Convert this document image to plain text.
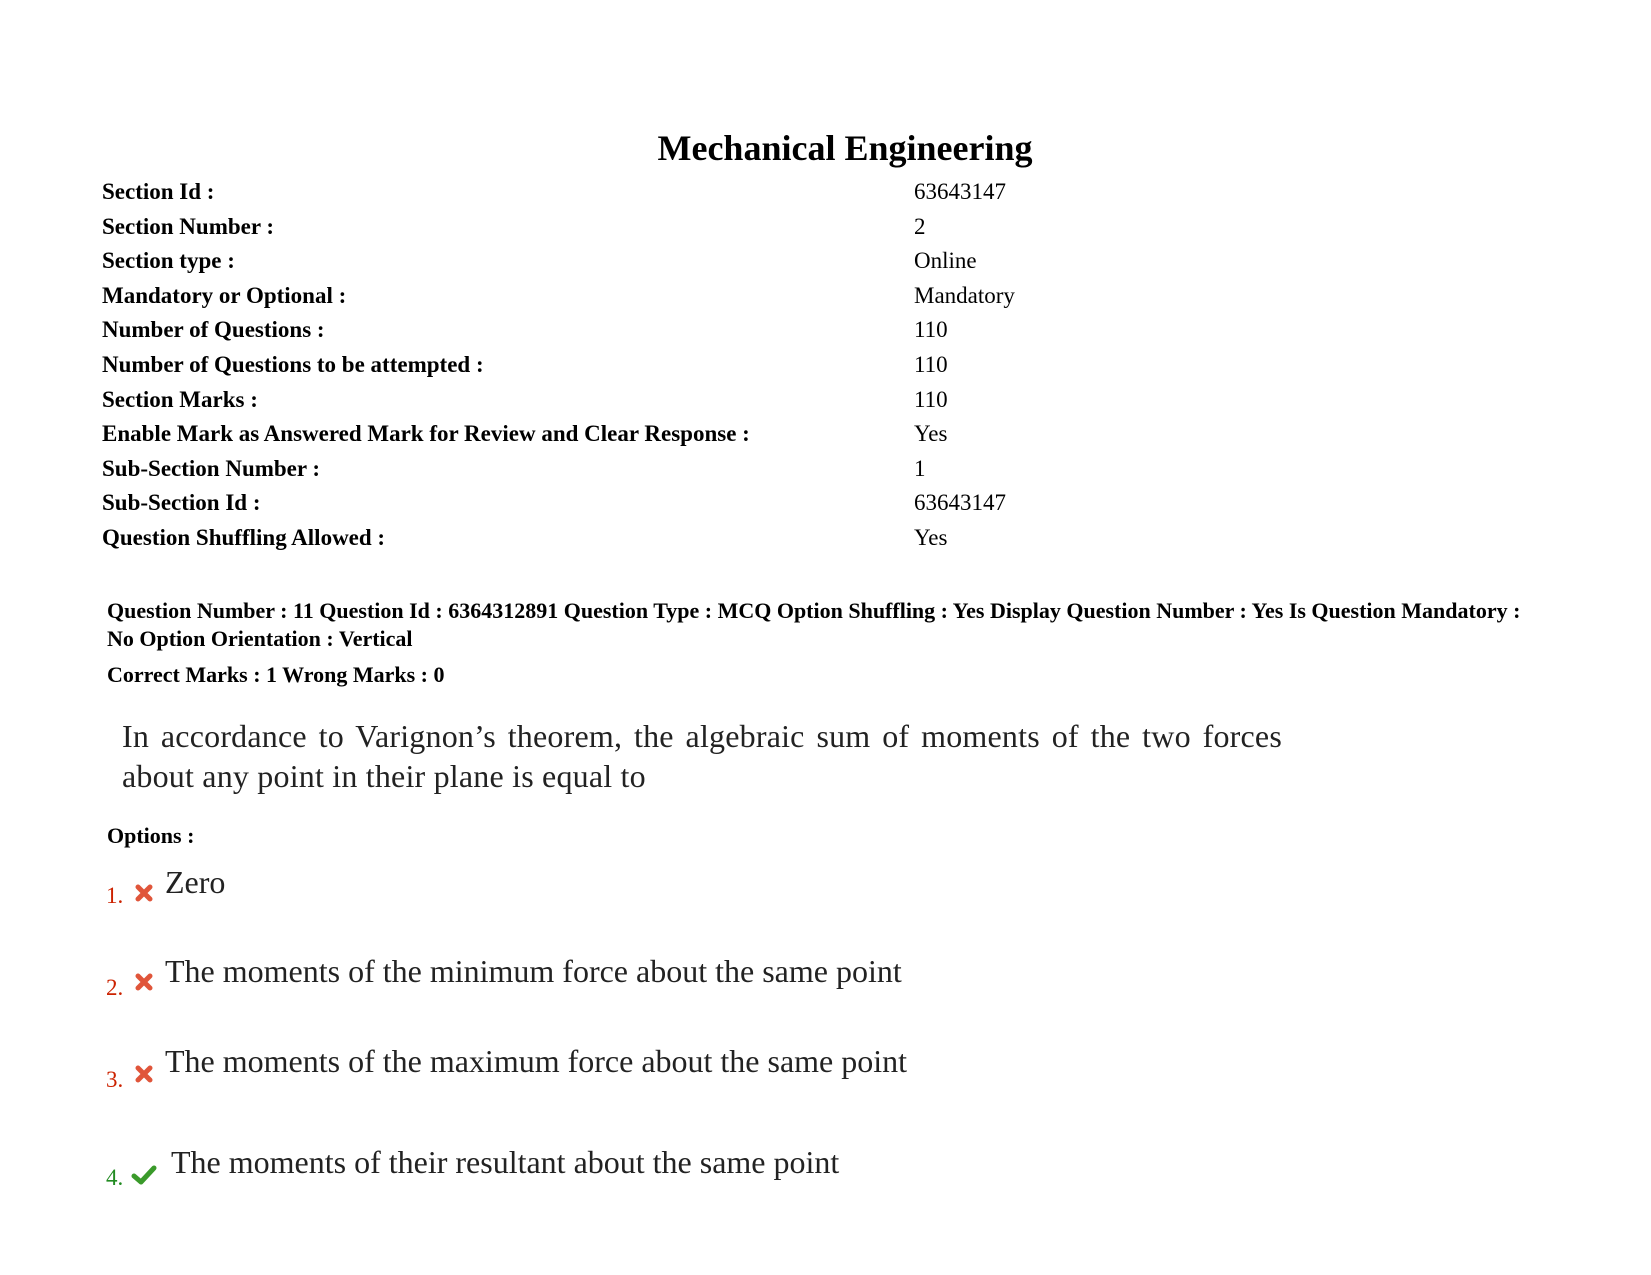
Mechanical Engineering
Section Id :	63643147
Section Number :	2
Section type :	Online
Mandatory or Optional :	Mandatory
Number of Questions :	110
Number of Questions to be attempted :	110
Section Marks :	110
Enable Mark as Answered Mark for Review and Clear Response :	Yes
Sub-Section Number :	1
Sub-Section Id :	63643147
Question Shuffling Allowed :	Yes
Question Number : 11 Question Id : 6364312891 Question Type : MCQ Option Shuffling : Yes Display Question Number : Yes Is Question Mandatory : No Option Orientation : Vertical
Correct Marks : 1 Wrong Marks : 0
In accordance to Varignon’s theorem, the algebraic sum of moments of the two forces about any point in their plane is equal to
Options :
1. Zero
2. The moments of the minimum force about the same point
3.
The moments of the maximum force about the same point
4. The moments of their resultant about the same point
